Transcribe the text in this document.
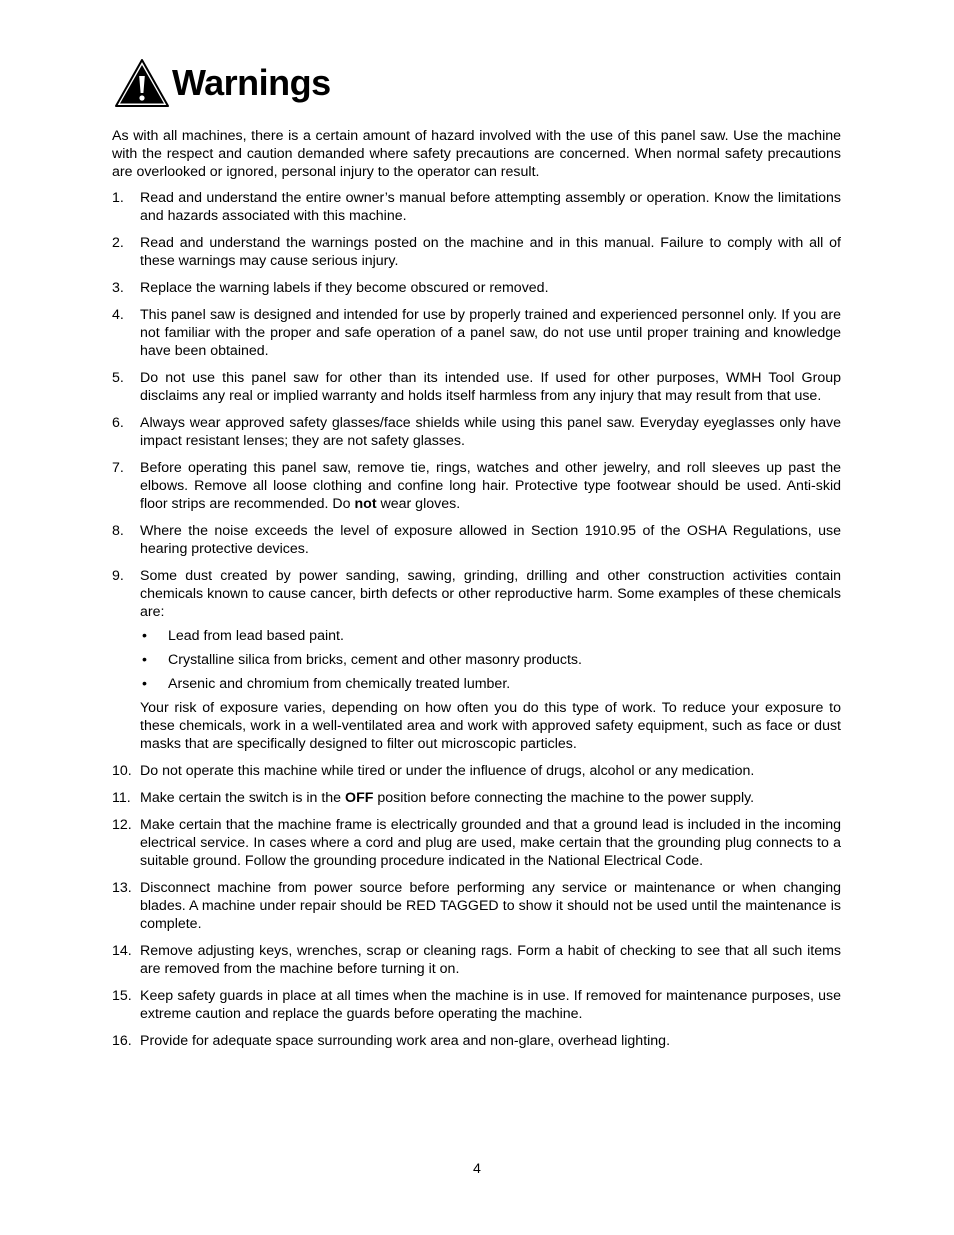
Warnings

As with all machines, there is a certain amount of hazard involved with the use of this panel saw. Use the machine with the respect and caution demanded where safety precautions are concerned. When normal safety precautions are overlooked or ignored, personal injury to the operator can result.

1.	Read and understand the entire owner’s manual before attempting assembly or operation. Know the limitations and hazards associated with this machine.
2.	Read and understand the warnings posted on the machine and in this manual. Failure to comply with all of these warnings may cause serious injury.
3.	Replace the warning labels if they become obscured or removed.
4.	This panel saw is designed and intended for use by properly trained and experienced personnel only. If you are not familiar with the proper and safe operation of a panel saw, do not use until proper training and knowledge have been obtained.
5.	Do not use this panel saw for other than its intended use. If used for other purposes, WMH Tool Group disclaims any real or implied warranty and holds itself harmless from any injury that may result from that use.
6.	Always wear approved safety glasses/face shields while using this panel saw. Everyday eyeglasses only have impact resistant lenses; they are not safety glasses.
7.	Before operating this panel saw, remove tie, rings, watches and other jewelry, and roll sleeves up past the elbows. Remove all loose clothing and confine long hair. Protective type footwear should be used. Anti-skid floor strips are recommended. Do not wear gloves.
8.	Where the noise exceeds the level of exposure allowed in Section 1910.95 of the OSHA Regulations, use hearing protective devices.
9.	Some dust created by power sanding, sawing, grinding, drilling and other construction activities contain chemicals known to cause cancer, birth defects or other reproductive harm. Some examples of these chemicals are:
•	Lead from lead based paint.
•	Crystalline silica from bricks, cement and other masonry products.
•	Arsenic and chromium from chemically treated lumber.
Your risk of exposure varies, depending on how often you do this type of work. To reduce your exposure to these chemicals, work in a well-ventilated area and work with approved safety equipment, such as face or dust masks that are specifically designed to filter out microscopic particles.
10. Do not operate this machine while tired or under the influence of drugs, alcohol or any medication.
11. Make certain the switch is in the OFF position before connecting the machine to the power supply.
12. Make certain that the machine frame is electrically grounded and that a ground lead is included in the incoming electrical service. In cases where a cord and plug are used, make certain that the grounding plug connects to a suitable ground. Follow the grounding procedure indicated in the National Electrical Code.
13. Disconnect machine from power source before performing any service or maintenance or when changing blades. A machine under repair should be RED TAGGED to show it should not be used until the maintenance is complete.
14. Remove adjusting keys, wrenches, scrap or cleaning rags. Form a habit of checking to see that all such items are removed from the machine before turning it on.
15. Keep safety guards in place at all times when the machine is in use. If removed for maintenance purposes, use extreme caution and replace the guards before operating the machine.
16. Provide for adequate space surrounding work area and non-glare, overhead lighting.
4
